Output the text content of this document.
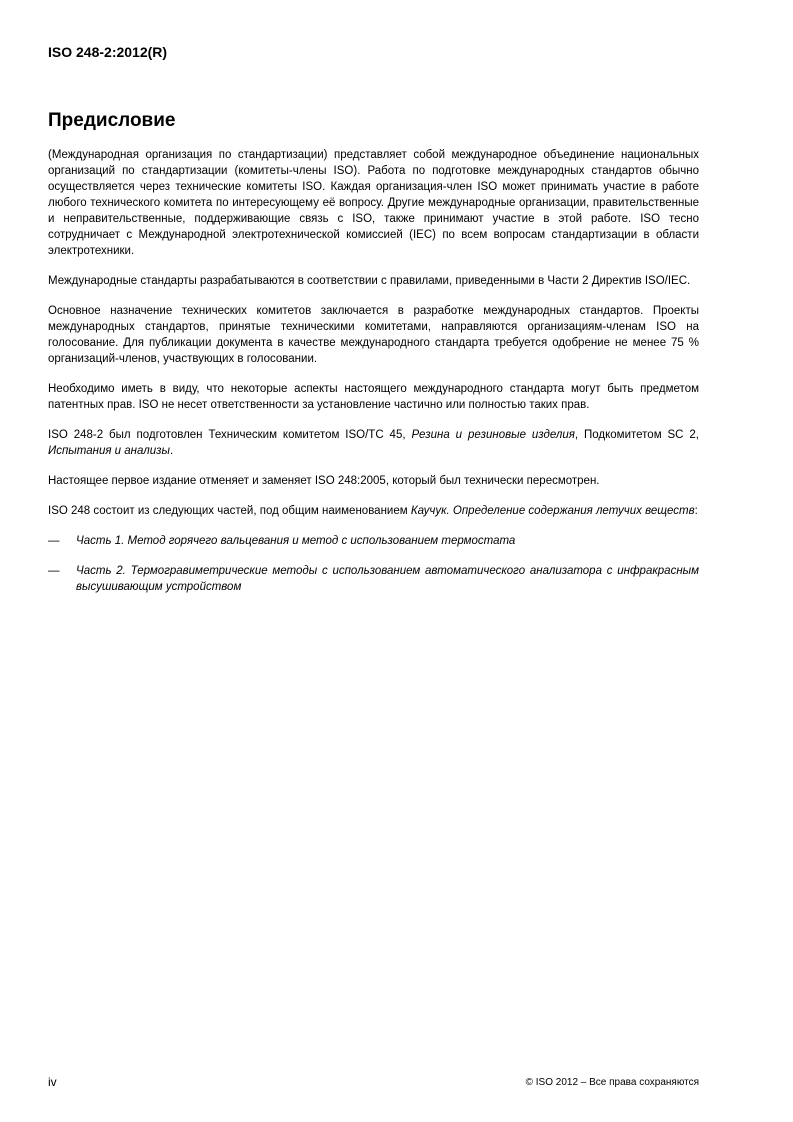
ISO 248-2:2012(R)
Предисловие

(Международная организация по стандартизации) представляет собой международное объединение национальных организаций по стандартизации (комитеты-члены ISO). Работа по подготовке международных стандартов обычно осуществляется через технические комитеты ISO. Каждая организация-член ISO может принимать участие в работе любого технического комитета по интересующему её вопросу. Другие международные организации, правительственные и неправительственные, поддерживающие связь с ISO, также принимают участие в этой работе. ISO тесно сотрудничает с Международной электротехнической комиссией (IEC) по всем вопросам стандартизации в области электротехники.

Международные стандарты разрабатываются в соответствии с правилами, приведенными в Части 2 Директив ISO/IEC.

Основное назначение технических комитетов заключается в разработке международных стандартов. Проекты международных стандартов, принятые техническими комитетами, направляются организациям-членам ISO на голосование. Для публикации документа в качестве международного стандарта требуется одобрение не менее 75 % организаций-членов, участвующих в голосовании.

Необходимо иметь в виду, что некоторые аспекты настоящего международного стандарта могут быть предметом патентных прав. ISO не несет ответственности за установление частично или полностью таких прав.

ISO 248-2 был подготовлен Техническим комитетом ISO/TC 45, Резина и резиновые изделия, Подкомитетом SC 2, Испытания и анализы.

Настоящее первое издание отменяет и заменяет ISO 248:2005, который был технически пересмотрен.

ISO 248 состоит из следующих частей, под общим наименованием Каучук. Определение содержания летучих веществ:

— Часть 1. Метод горячего вальцевания и метод с использованием термостата
— Часть 2. Термогравиметрические методы с использованием автоматического анализатора с инфракрасным высушивающим устройством
iv	© ISO 2012 – Все права сохраняются
